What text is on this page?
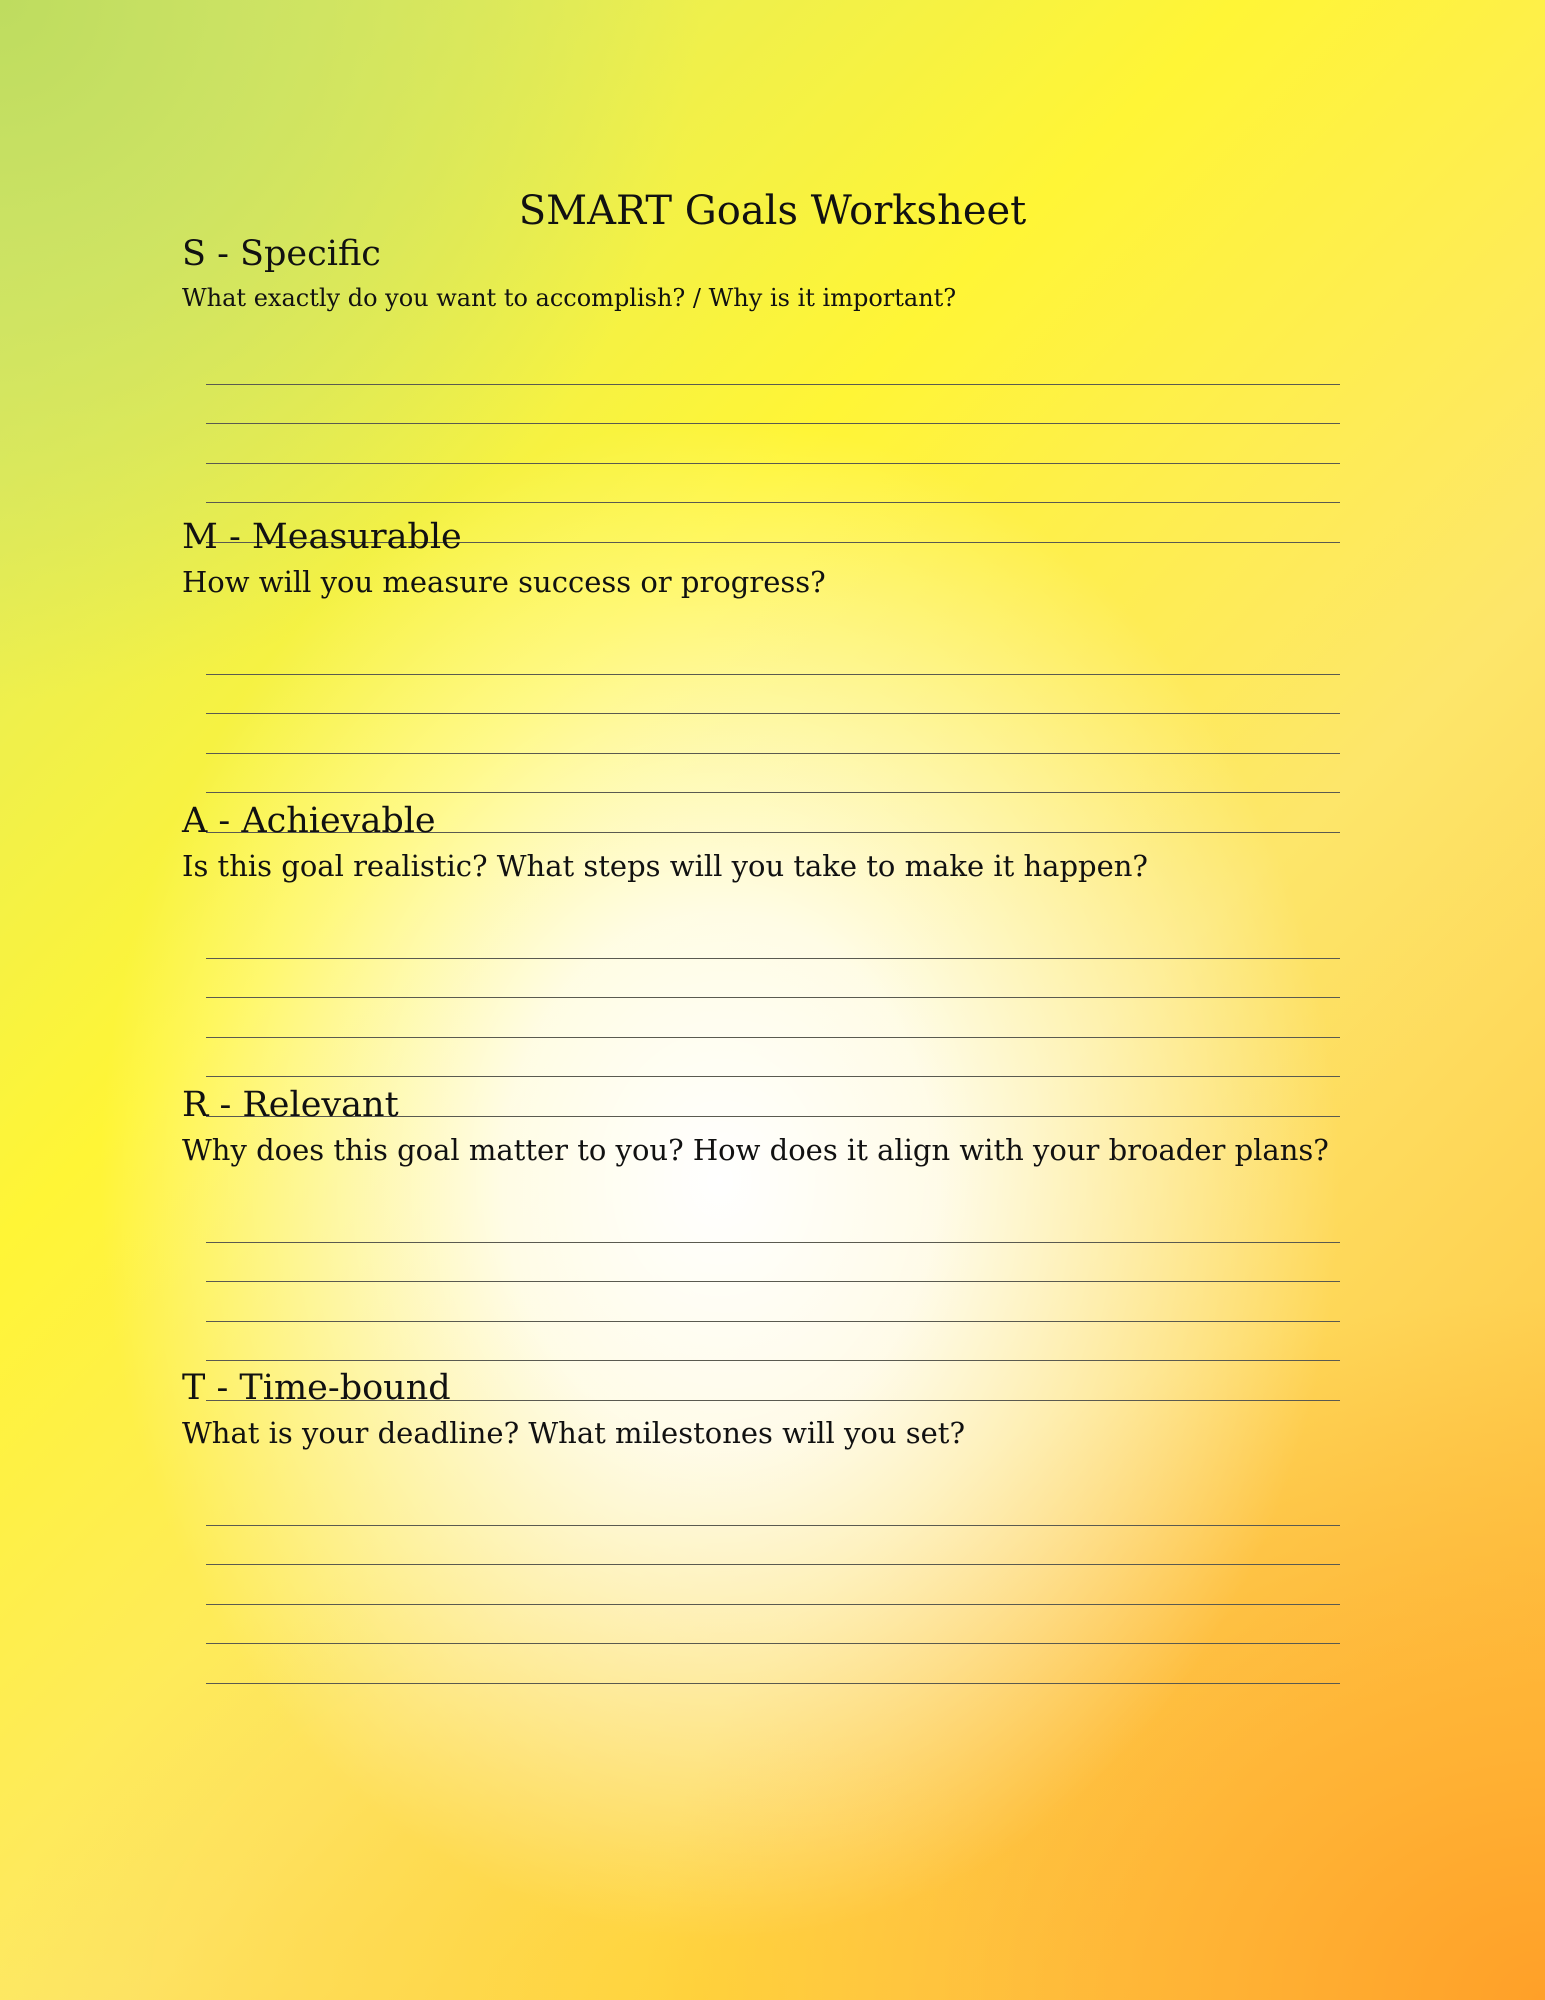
SMART Goals Worksheet
S - Specific

What exactly do you want to accomplish? / Why is it important?

M - Measurable

How will you measure success or progress?

A - Achievable

Is this goal realistic? What steps will you take to make it happen?

R - Relevant

Why does this goal matter to you? How does it align with your broader plans?

T - Time-bound

What is your deadline? What milestones will you set?
